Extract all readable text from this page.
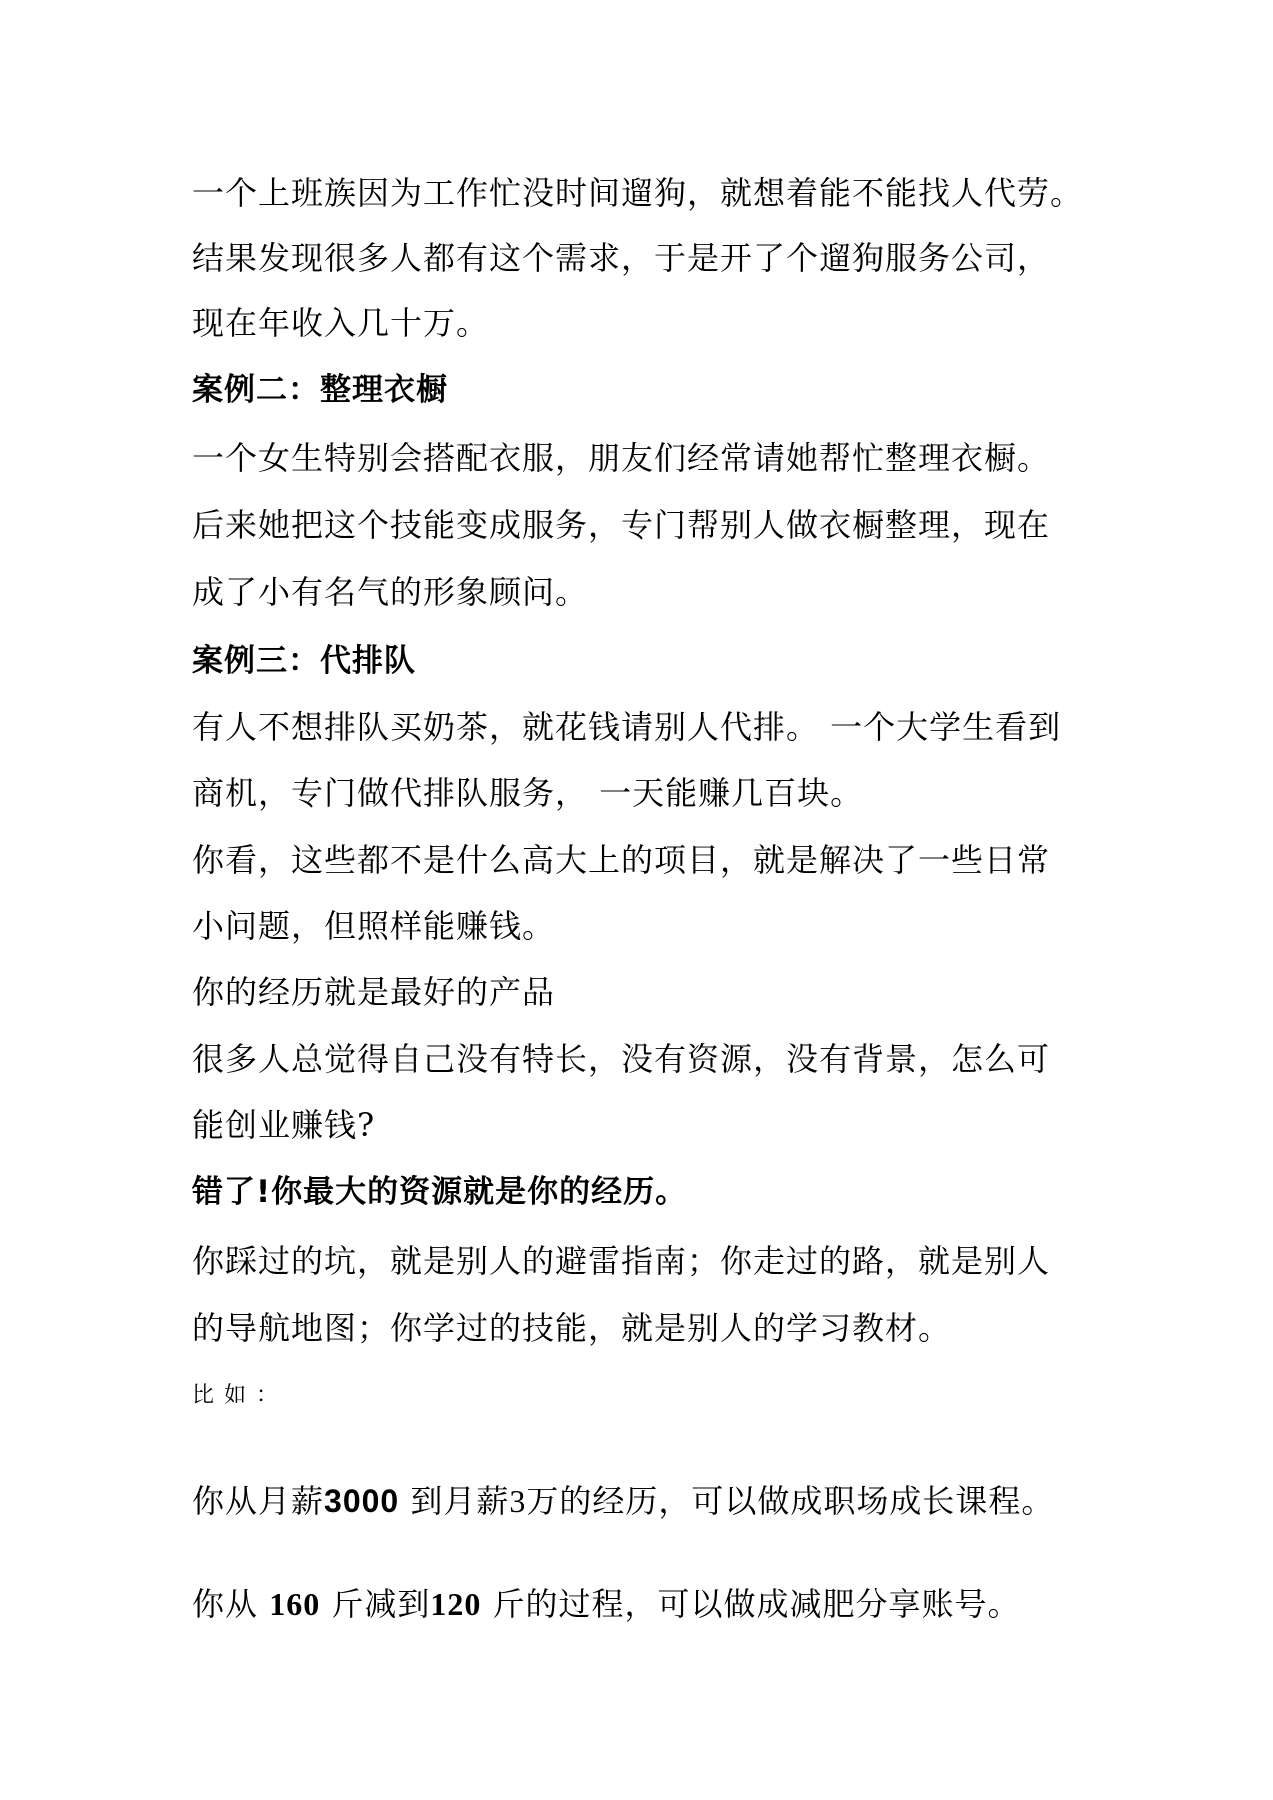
一个上班族因为工作忙没时间遛狗，就想着能不能找人代劳。
结果发现很多人都有这个需求，于是开了个遛狗服务公司，
现在年收入几十万。
案例二：整理衣橱
一个女生特别会搭配衣服，朋友们经常请她帮忙整理衣橱。
后来她把这个技能变成服务，专门帮别人做衣橱整理，现在
成了小有名气的形象顾问。
案例三：代排队
有人不想排队买奶茶，就花钱请别人代排。 一个大学生看到
商机，专门做代排队服务， 一天能赚几百块。
你看，这些都不是什么高大上的项目，就是解决了一些日常
小问题，但照样能赚钱。
你的经历就是最好的产品
很多人总觉得自己没有特长，没有资源，没有背景，怎么可
能创业赚钱?
错了!你最大的资源就是你的经历。
你踩过的坑，就是别人的避雷指南；你走过的路，就是别人
的导航地图；你学过的技能，就是别人的学习教材。
比如：
你从月薪3000 到月薪3万的经历，可以做成职场成长课程。
你从 160 斤减到120 斤的过程，可以做成减肥分享账号。
